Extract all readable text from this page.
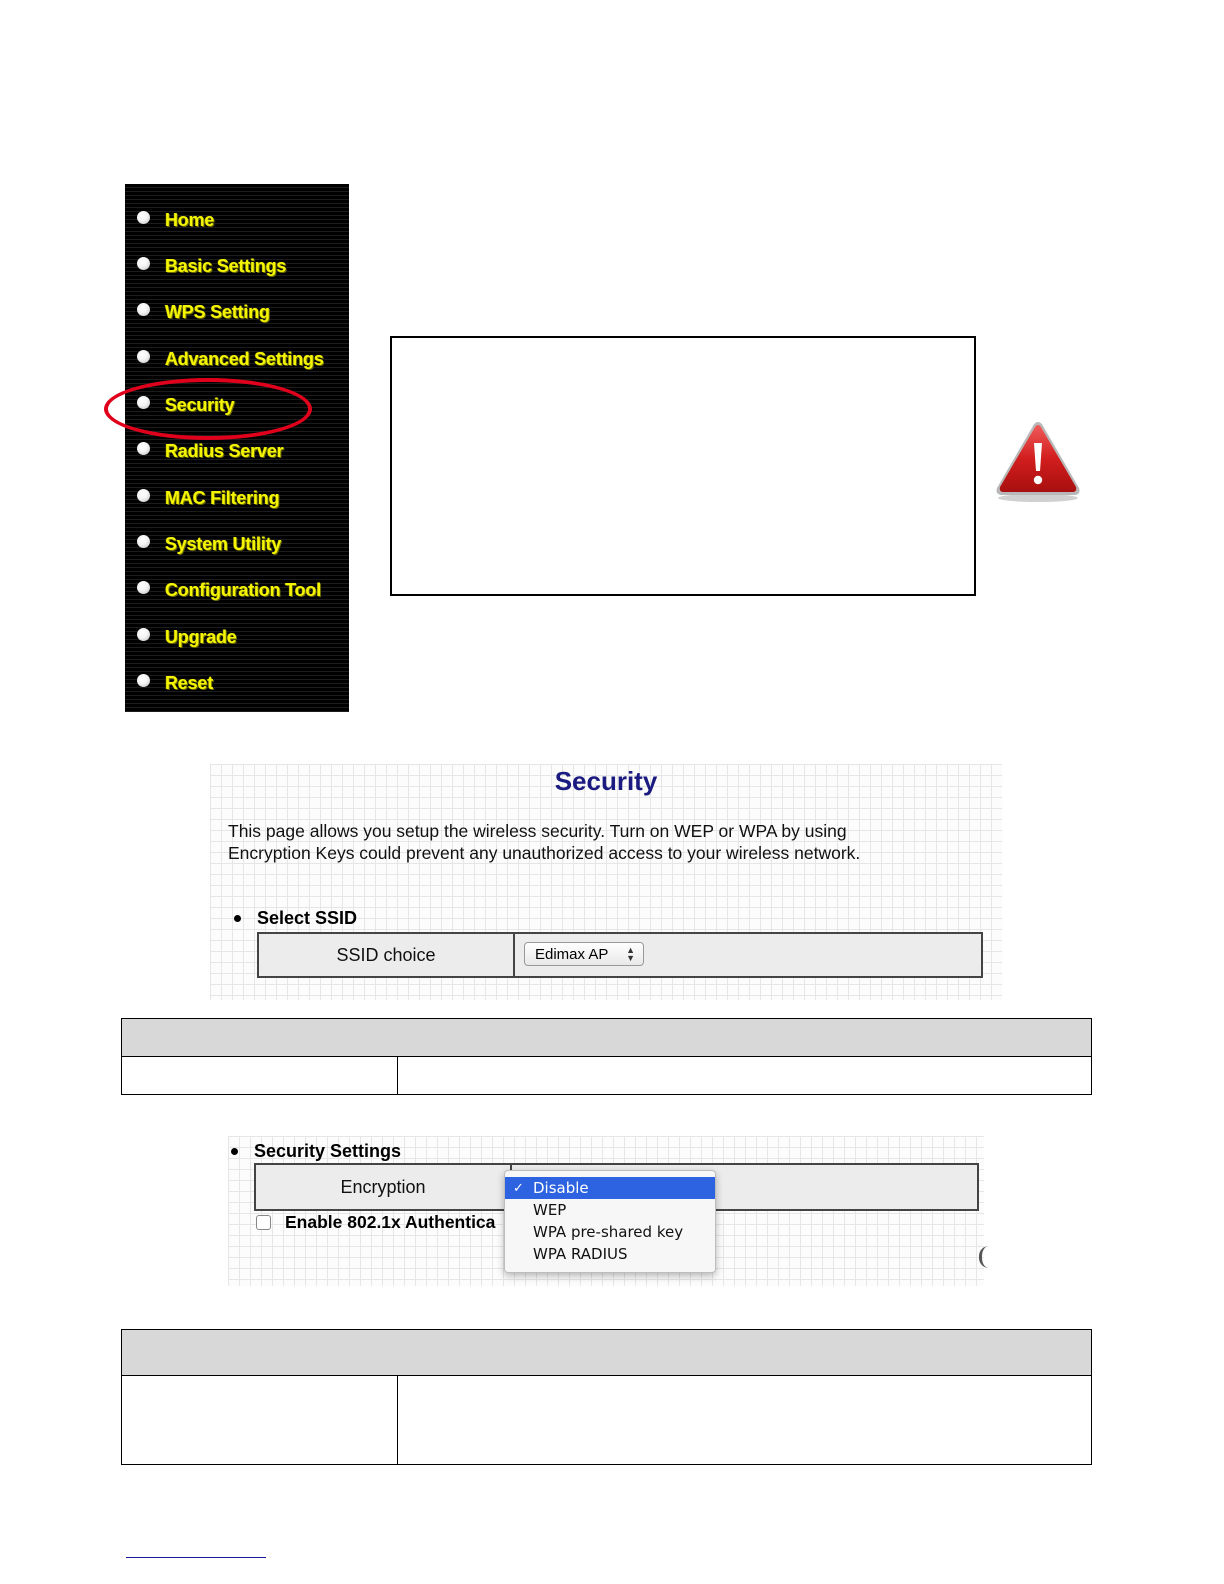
Home
Basic Settings
WPS Setting
Advanced Settings
Security
Radius Server
MAC Filtering
System Utility
Configuration Tool
Upgrade
Reset
Security
This page allows you setup the wireless security. Turn on WEP or WPA by using
Encryption Keys could prevent any unauthorized access to your wireless network.
Select SSID
SSID choice	Edimax AP	▲
▼
Security Settings
Encryption
Enable 802.1x Authentica
✓ Disable
WEP
WPA pre-shared key
WPA RADIUS
